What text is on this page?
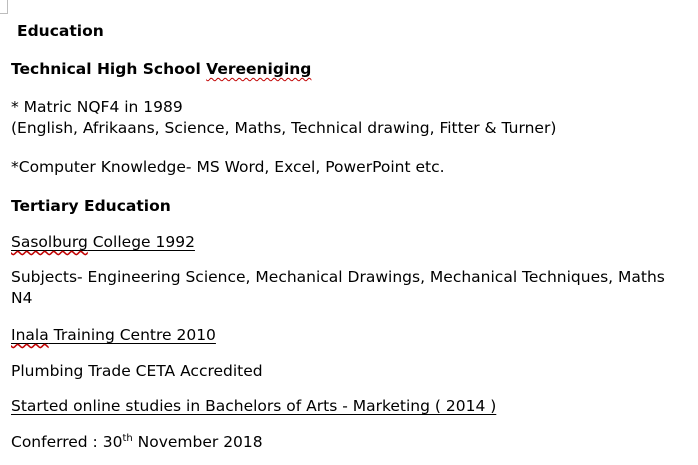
Education
Technical High School Vereeniging
* Matric NQF4 in 1989
(English, Afrikaans, Science, Maths, Technical drawing, Fitter & Turner)
*Computer Knowledge- MS Word, Excel, PowerPoint etc.
Tertiary Education
Sasolburg College 1992
Subjects- Engineering Science, Mechanical Drawings, Mechanical Techniques, Maths
N4
Inala Training Centre 2010
Plumbing Trade CETA Accredited
Started online studies in Bachelors of Arts - Marketing ( 2014 )
Conferred : 30th November 2018
